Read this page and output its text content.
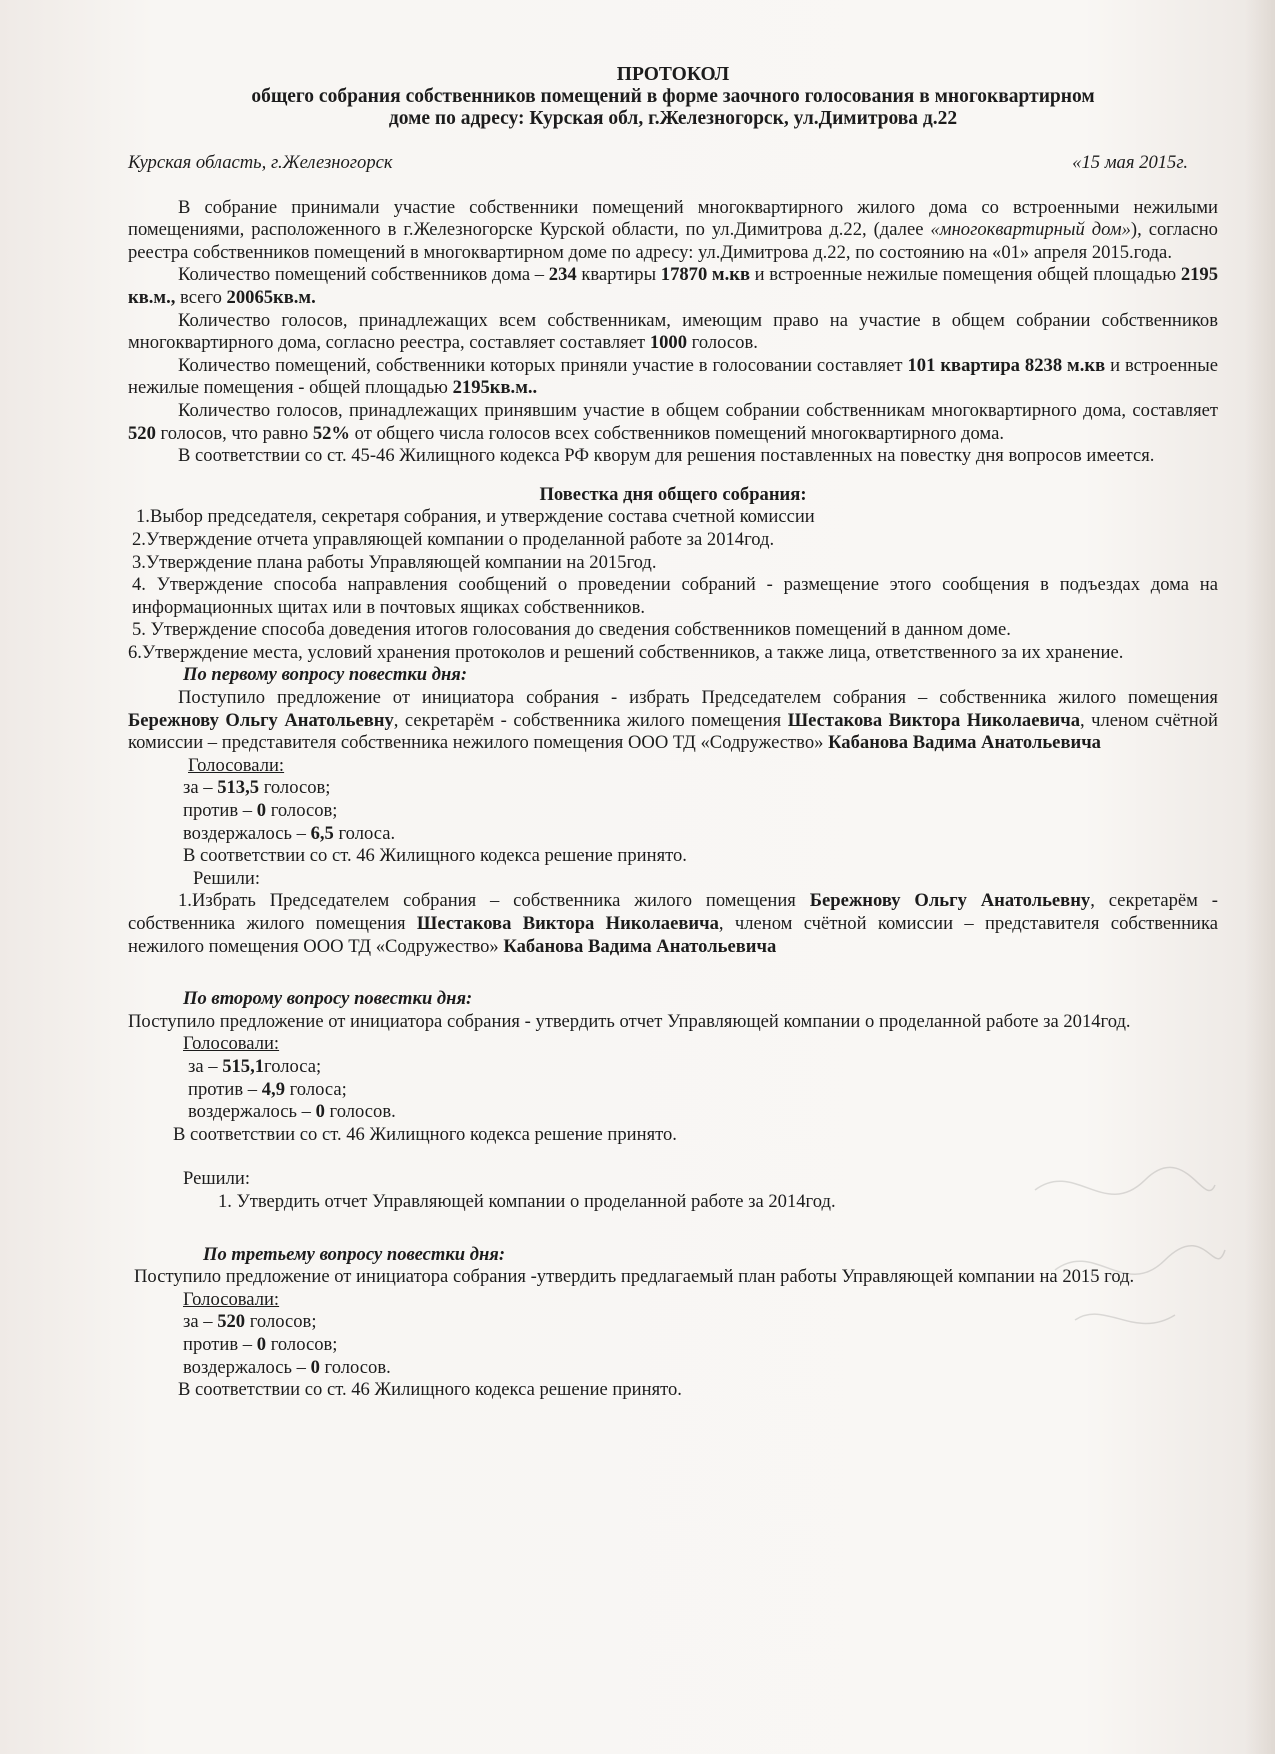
ПРОТОКОЛ

общего собрания собственников помещений в форме заочного голосования в многоквартирном

доме по адресу: Курская обл, г.Железногорск, ул.Димитрова д.22

Курская область, г.Железногорск	«15 мая 2015г.

В собрание принимали участие собственники помещений многоквартирного жилого дома со встроенными нежилыми помещениями, расположенного в г.Железногорске Курской области, по ул.Димитрова д.22, (далее «многоквартирный дом»), согласно реестра собственников помещений в многоквартирном доме по адресу: ул.Димитрова д.22, по состоянию на «01» апреля 2015.года.

Количество помещений собственников дома – 234 квартиры 17870 м.кв и встроенные нежилые помещения общей площадью 2195 кв.м., всего 20065кв.м.

Количество голосов, принадлежащих всем собственникам, имеющим право на участие в общем собрании собственников многоквартирного дома, согласно реестра, составляет составляет 1000 голосов.

Количество помещений, собственники которых приняли участие в голосовании составляет 101 квартира 8238 м.кв и встроенные нежилые помещения - общей площадью 2195кв.м..

Количество голосов, принадлежащих принявшим участие в общем собрании собственникам многоквартирного дома, составляет 520 голосов, что равно 52% от общего числа голосов всех собственников помещений многоквартирного дома.

В соответствии со ст. 45-46 Жилищного кодекса РФ кворум для решения поставленных на повестку дня вопросов имеется.

Повестка дня общего собрания:

1.Выбор председателя, секретаря собрания, и утверждение состава счетной комиссии

2.Утверждение отчета управляющей компании о проделанной работе за 2014год.

3.Утверждение плана работы Управляющей компании на 2015год.

4. Утверждение способа направления сообщений о проведении собраний - размещение этого сообщения в подъездах дома на информационных щитах или в почтовых ящиках собственников.

5. Утверждение способа доведения итогов голосования до сведения собственников помещений в данном доме.

6.Утверждение места, условий хранения протоколов и решений собственников, а также лица, ответственного за их хранение.

По первому вопросу повестки дня:

Поступило предложение от инициатора собрания - избрать Председателем собрания – собственника жилого помещения Бережнову Ольгу Анатольевну, секретарём - собственника жилого помещения Шестакова Виктора Николаевича, членом счётной комиссии – представителя собственника нежилого помещения ООО ТД «Содружество» Кабанова Вадима Анатольевича

Голосовали:

за – 513,5 голосов;

против – 0 голосов;

воздержалось – 6,5 голоса.

В соответствии со ст. 46 Жилищного кодекса решение принято.

Решили:

1.Избрать Председателем собрания – собственника жилого помещения Бережнову Ольгу Анатольевну, секретарём - собственника жилого помещения Шестакова Виктора Николаевича, членом счётной комиссии – представителя собственника нежилого помещения ООО ТД «Содружество» Кабанова Вадима Анатольевича

По второму вопросу повестки дня:

Поступило предложение от инициатора собрания - утвердить отчет Управляющей компании о проделанной работе за 2014год.

Голосовали:

за – 515,1голоса;

против – 4,9 голоса;

воздержалось – 0 голосов.

В соответствии со ст. 46 Жилищного кодекса решение принято.

Решили:

1. Утвердить отчет Управляющей компании о проделанной работе за 2014год.

По третьему вопросу повестки дня:

Поступило предложение от инициатора собрания -утвердить предлагаемый план работы Управляющей компании на 2015 год.

Голосовали:

за – 520 голосов;

против – 0 голосов;

воздержалось – 0 голосов.

В соответствии со ст. 46 Жилищного кодекса решение принято.
